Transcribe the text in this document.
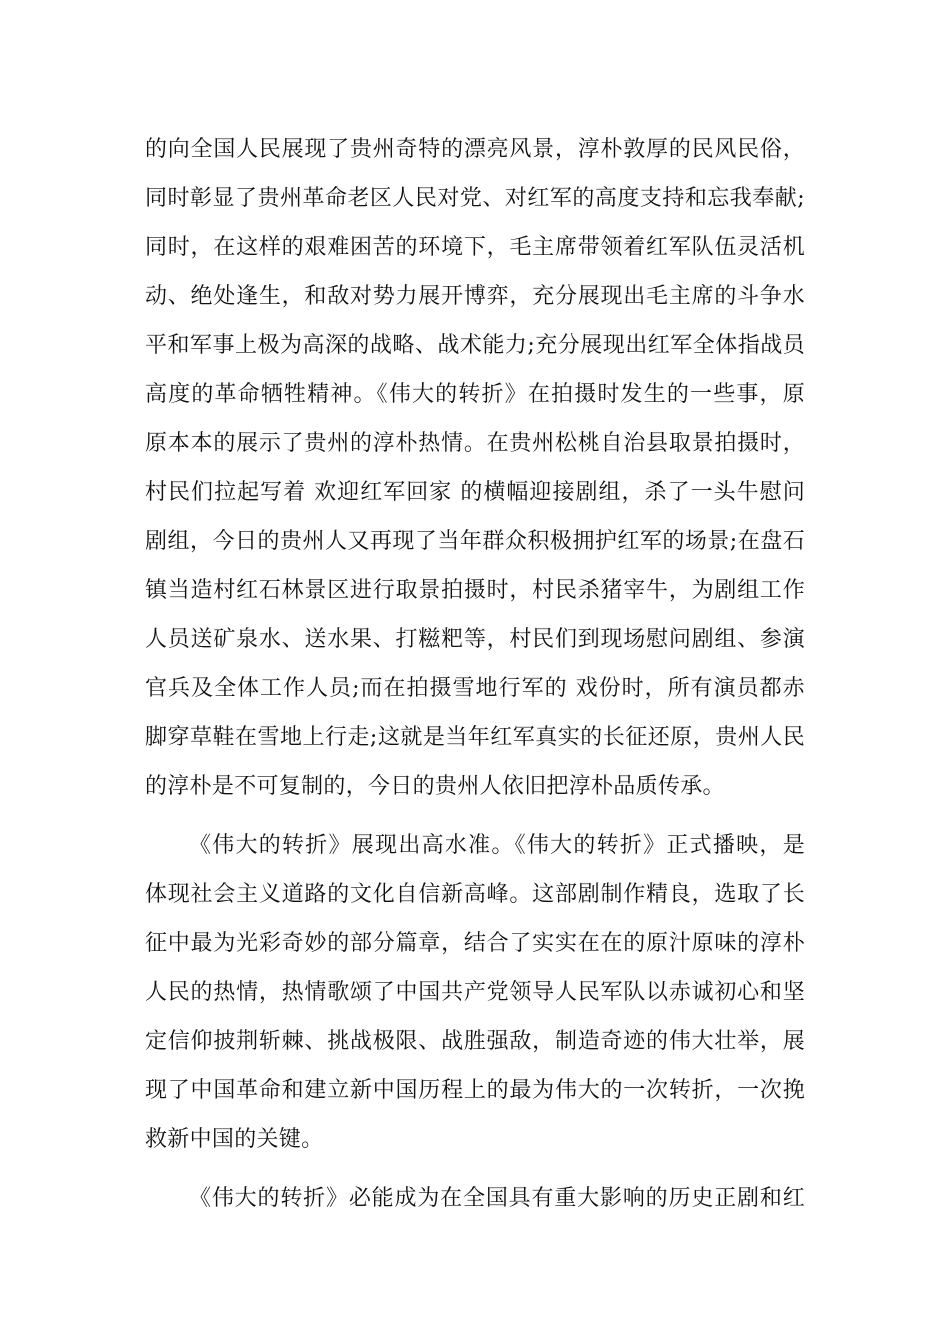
的向全国人民展现了贵州奇特的漂亮风景，淳朴敦厚的民风民俗，
同时彰显了贵州革命老区人民对党、对红军的高度支持和忘我奉献;
同时，在这样的艰难困苦的环境下，毛主席带领着红军队伍灵活机
动、绝处逢生，和敌对势力展开博弈，充分展现出毛主席的斗争水
平和军事上极为高深的战略、战术能力;充分展现出红军全体指战员
高度的革命牺牲精神。《伟大的转折》在拍摄时发生的一些事，原
原本本的展示了贵州的淳朴热情。在贵州松桃自治县取景拍摄时，
村民们拉起写着 欢迎红军回家 的横幅迎接剧组，杀了一头牛慰问
剧组，今日的贵州人又再现了当年群众积极拥护红军的场景;在盘石
镇当造村红石林景区进行取景拍摄时，村民杀猪宰牛，为剧组工作
人员送矿泉水、送水果、打糍粑等，村民们到现场慰问剧组、参演
官兵及全体工作人员;而在拍摄雪地行军的 戏份时，所有演员都赤
脚穿草鞋在雪地上行走;这就是当年红军真实的长征还原，贵州人民
的淳朴是不可复制的，今日的贵州人依旧把淳朴品质传承。
《伟大的转折》展现出高水准。《伟大的转折》正式播映，是
体现社会主义道路的文化自信新高峰。这部剧制作精良，选取了长
征中最为光彩奇妙的部分篇章，结合了实实在在的原汁原味的淳朴
人民的热情，热情歌颂了中国共产党领导人民军队以赤诚初心和坚
定信仰披荆斩棘、挑战极限、战胜强敌，制造奇迹的伟大壮举，展
现了中国革命和建立新中国历程上的最为伟大的一次转折，一次挽
救新中国的关键。
《伟大的转折》必能成为在全国具有重大影响的历史正剧和红
